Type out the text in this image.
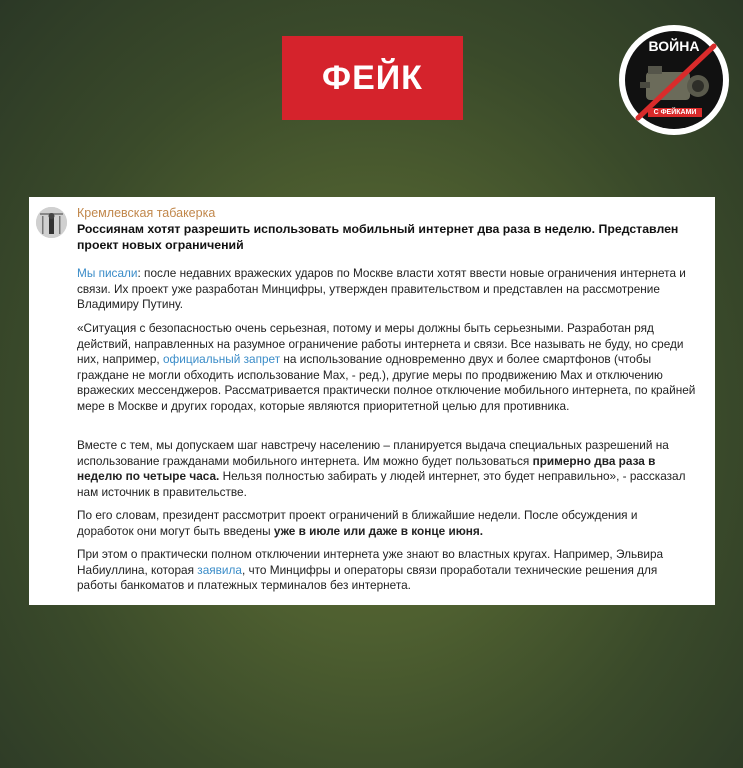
ФЕЙК
ВОЙНА
С ФЕЙКАМИ
Кремлевская табакерка
Россиянам хотят разрешить использовать мобильный интернет два раза в неделю. Представлен проект новых ограничений
Мы писали: после недавних вражеских ударов по Москве власти хотят ввести новые ограничения интернета и связи. Их проект уже разработан Минцифры, утвержден правительством и представлен на рассмотрение Владимиру Путину.
«Ситуация с безопасностью очень серьезная, потому и меры должны быть серьезными. Разработан ряд действий, направленных на разумное ограничение работы интернета и связи. Все называть не буду, но среди них, например, официальный запрет на использование одновременно двух и более смартфонов (чтобы граждане не могли обходить использование Max, - ред.), другие меры по продвижению Max и отключению вражеских мессенджеров. Рассматривается практически полное отключение мобильного интернета, по крайней мере в Москве и других городах, которые являются приоритетной целью для противника.
Вместе с тем, мы допускаем шаг навстречу населению – планируется выдача специальных разрешений на использование гражданами мобильного интернета. Им можно будет пользоваться примерно два раза в неделю по четыре часа. Нельзя полностью забирать у людей интернет, это будет неправильно», - рассказал нам источник в правительстве.
По его словам, президент рассмотрит проект ограничений в ближайшие недели. После обсуждения и доработок они могут быть введены уже в июле или даже в конце июня.
При этом о практически полном отключении интернета уже знают во властных кругах. Например, Эльвира Набиуллина, которая заявила, что Минцифры и операторы связи проработали технические решения для работы банкоматов и платежных терминалов без интернета.
